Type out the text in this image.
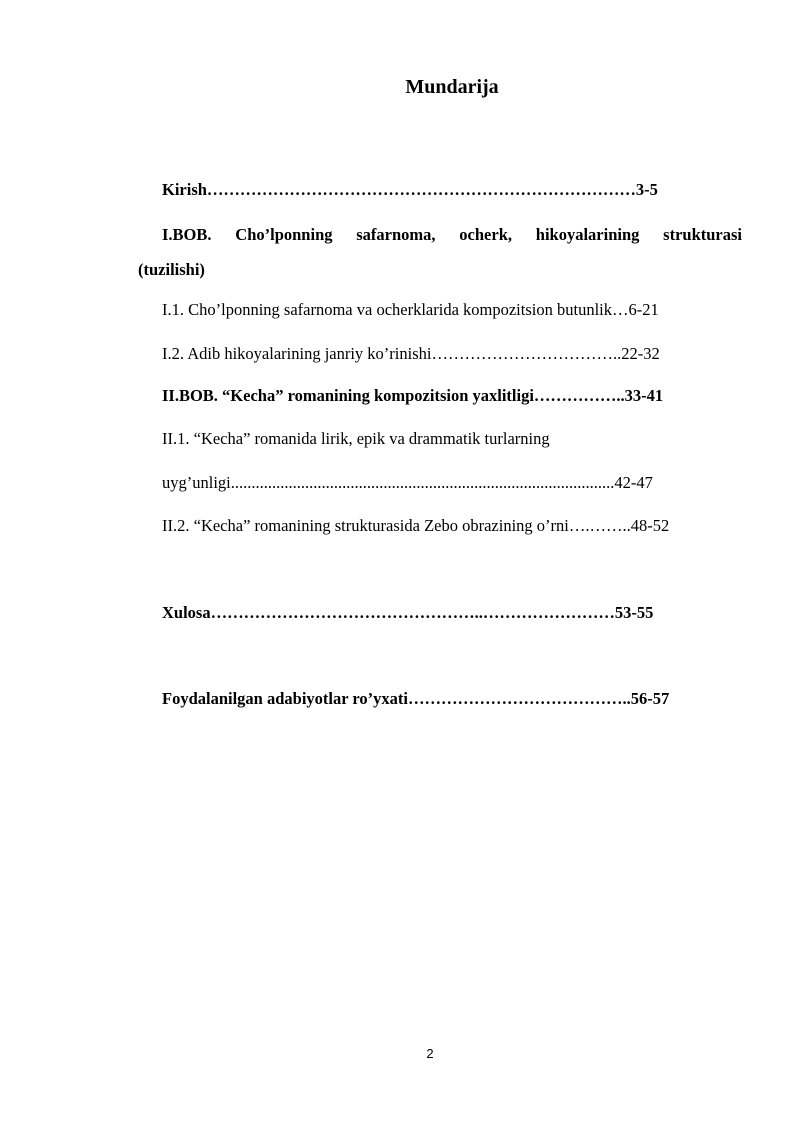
Mundarija
Kirish……………………………………………………………………3-5
I.BOB. Cho’lponning safarnoma, ocherk, hikoyalarining strukturasi
(tuzilishi)
I.1. Cho’lponning safarnoma va ocherklarida kompozitsion butunlik…6-21
I.2. Adib hikoyalarining janriy ko’rinishi……………………………..22-32
II.BOB. “Kecha” romanining kompozitsion yaxlitligi……………..33-41
II.1. “Kecha” romanida lirik, epik va drammatik turlarning
uyg’unligi.............................................................................................42-47
II.2. “Kecha” romanining strukturasida Zebo obrazining o’rni….……..48-52
Xulosa…………………………………………..……………………53-55
Foydalanilgan adabiyotlar ro’yxati…………………………………..56-57
2
